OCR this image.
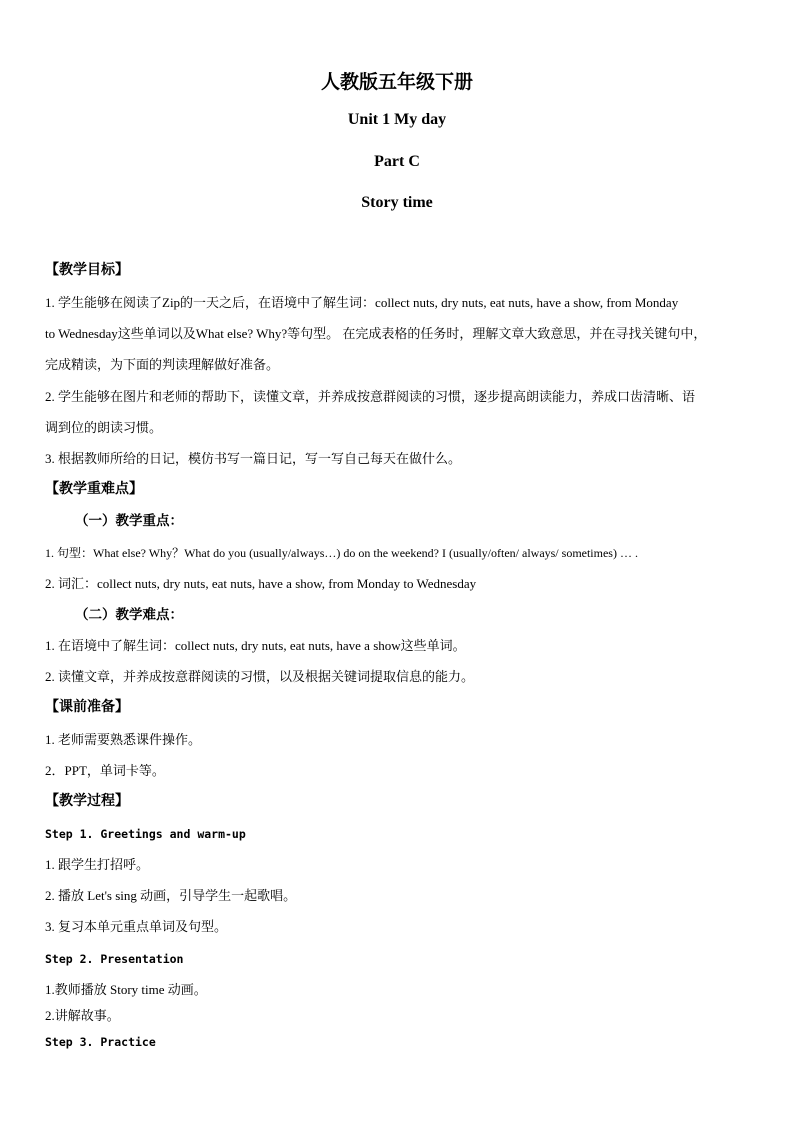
人教版五年级下册
Unit 1 My day
Part C
Story time
【教学目标】
1. 学生能够在阅读了Zip的一天之后，在语境中了解生词：collect nuts, dry nuts, eat nuts, have a show, from Monday
to Wednesday这些单词以及What else? Why?等句型。 在完成表格的任务时，理解文章大致意思，并在寻找关键句中，
完成精读，为下面的判读理解做好准备。
2. 学生能够在图片和老师的帮助下，读懂文章，并养成按意群阅读的习惯，逐步提高朗读能力，养成口齿清晰、语
调到位的朗读习惯。
3. 根据教师所给的日记，模仿书写一篇日记，写一写自己每天在做什么。
【教学重难点】
（一）教学重点：
1. 句型：What else? Why？What do you (usually/always…) do on the weekend? I (usually/often/ always/ sometimes) … .
2. 词汇：collect nuts, dry nuts, eat nuts, have a show, from Monday to Wednesday
（二）教学难点：
1. 在语境中了解生词：collect nuts, dry nuts, eat nuts, have a show这些单词。
2. 读懂文章，并养成按意群阅读的习惯，以及根据关键词提取信息的能力。
【课前准备】
1. 老师需要熟悉课件操作。
2．PPT，单词卡等。
【教学过程】
Step 1. Greetings and warm-up
1. 跟学生打招呼。
2. 播放 Let's sing 动画，引导学生一起歌唱。
3. 复习本单元重点单词及句型。
Step 2. Presentation
1.教师播放 Story time 动画。
2.讲解故事。
Step 3. Practice
